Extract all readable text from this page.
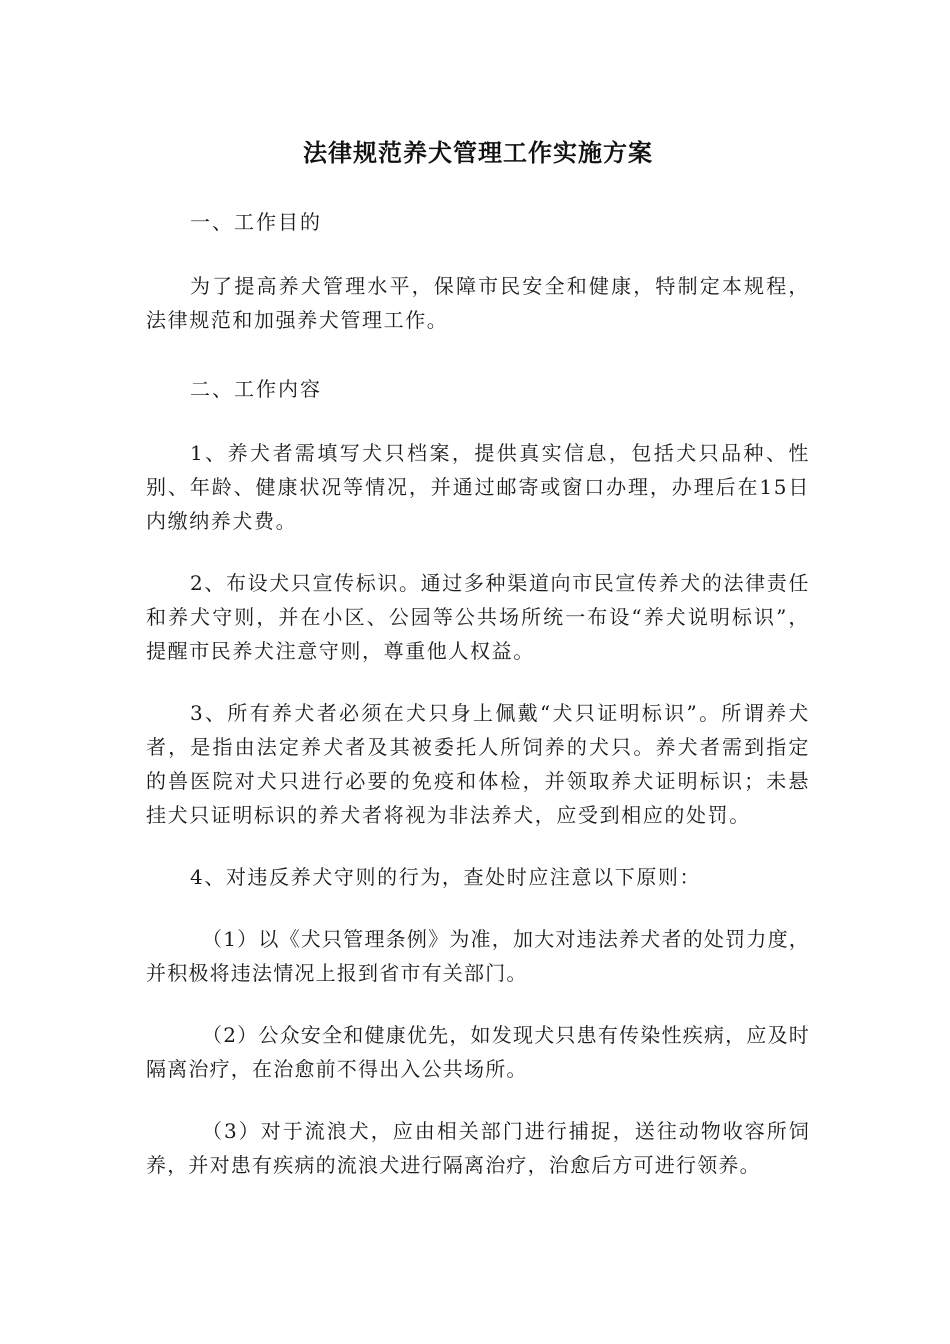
法律规范养犬管理工作实施方案

一、工作目的

为了提高养犬管理水平，保障市民安全和健康，特制定本规程，法律规范和加强养犬管理工作。

二、工作内容

1、养犬者需填写犬只档案，提供真实信息，包括犬只品种、性别、年龄、健康状况等情况，并通过邮寄或窗口办理，办理后在15日内缴纳养犬费。

2、布设犬只宣传标识。通过多种渠道向市民宣传养犬的法律责任和养犬守则，并在小区、公园等公共场所统一布设“养犬说明标识”，提醒市民养犬注意守则，尊重他人权益。

3、所有养犬者必须在犬只身上佩戴“犬只证明标识”。所谓养犬者，是指由法定养犬者及其被委托人所饲养的犬只。养犬者需到指定的兽医院对犬只进行必要的免疫和体检，并领取养犬证明标识；未悬挂犬只证明标识的养犬者将视为非法养犬，应受到相应的处罚。

4、对违反养犬守则的行为，查处时应注意以下原则：

（1）以《犬只管理条例》为准，加大对违法养犬者的处罚力度，并积极将违法情况上报到省市有关部门。

（2）公众安全和健康优先，如发现犬只患有传染性疾病，应及时隔离治疗，在治愈前不得出入公共场所。

（3）对于流浪犬，应由相关部门进行捕捉，送往动物收容所饲养，并对患有疾病的流浪犬进行隔离治疗，治愈后方可进行领养。
